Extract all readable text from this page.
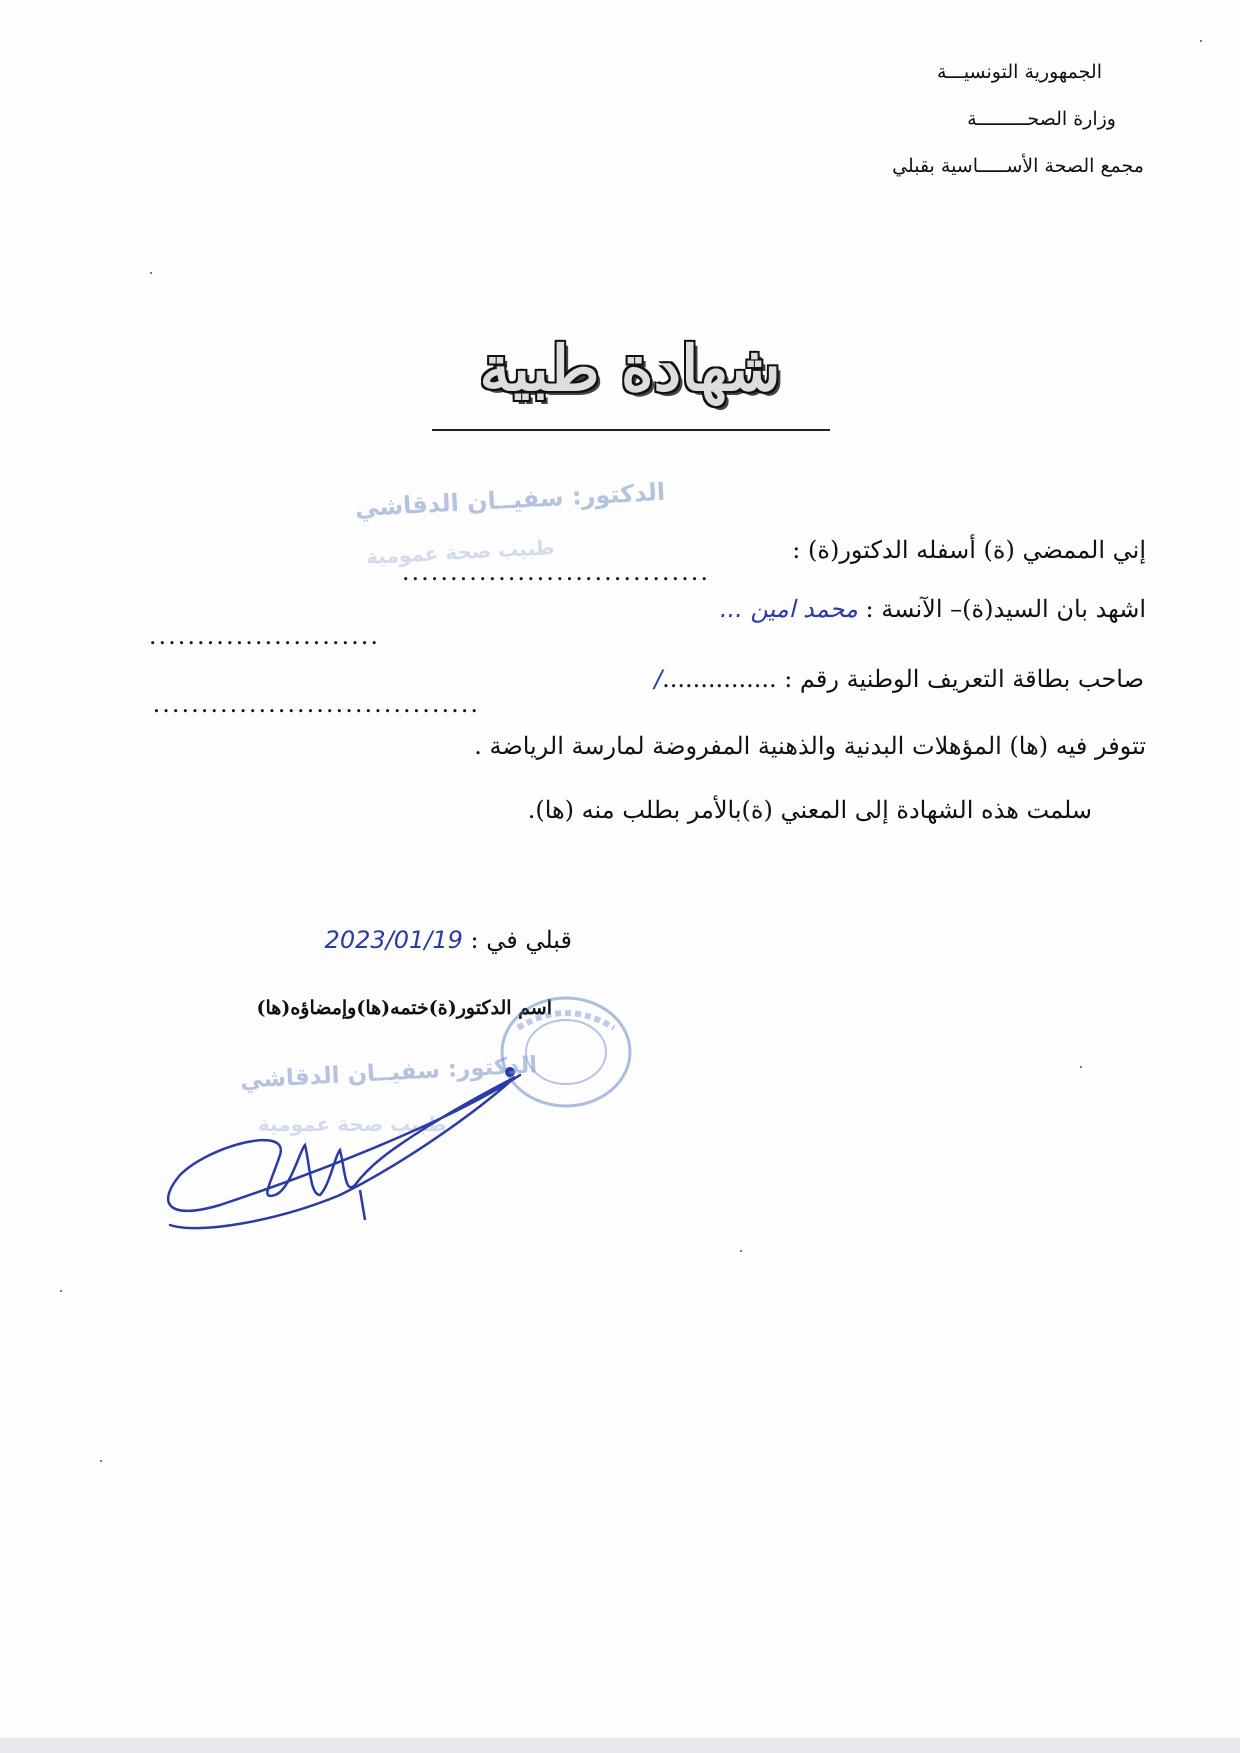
الجمهورية التونسيـــة
وزارة الصحـــــــــة
مجمع الصحة الأســـــاسية بقبلي
شهادة طبية
الدكتور: سفيــان الدقاشي
طبيب صحة عمومية	إني الممضي (ة) أسفله الدكتور(ة) :
................................
اشهد بان السيد(ة)– الآنسة : محمد امين ...
........................
صاحب بطاقة التعريف الوطنية رقم : .............../
..................................
تتوفر فيه (ها) المؤهلات البدنية والذهنية المفروضة لمارسة الرياضة .
سلمت هذه الشهادة إلى المعني (ة)بالأمر بطلب منه (ها).
قبلي في : 2023/01/19
اسم الدكتور(ة)ختمه(ها)وإمضاؤه(ها)
الدكتور: سفيــان الدقاشي
طبيب صحة عمومية
